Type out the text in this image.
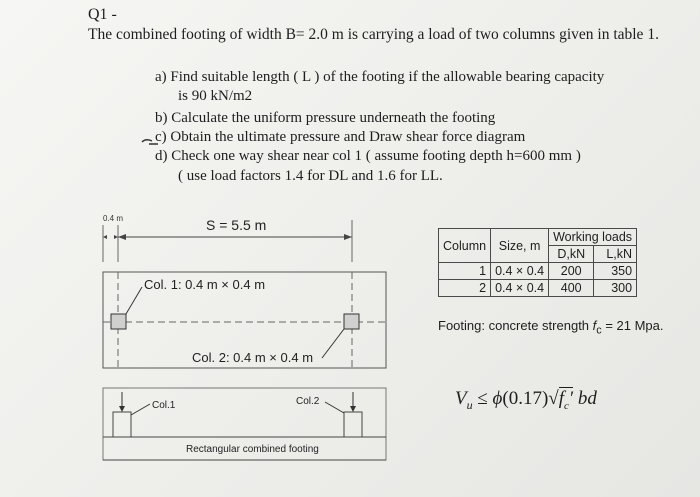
Q1 -
The combined footing of width B= 2.0 m is carrying a load of two columns given in table 1.
a) Find suitable length ( L ) of the footing if the allowable bearing capacity
is 90 kN/m2
b) Calculate the uniform pressure underneath the footing
c) Obtain the ultimate pressure and Draw shear force diagram
d) Check one way shear near col 1 ( assume footing depth h=600 mm )
( use load factors 1.4 for DL and 1.6 for LL.
0.4 m	S = 5.5 m
Col. 1: 0.4 m × 0.4 m
Col. 2: 0.4 m × 0.4 m
Col.1	Col.2
Rectangular combined footing
Column	Size, m	Working loads	
		D,kN	L,kN
1	0.4 × 0.4	200	350
2	0.4 × 0.4	400	300
Footing: concrete strength $f_c = 21$ Mpa.
$V_u \le \phi(0.17)√f_c'$ bd
